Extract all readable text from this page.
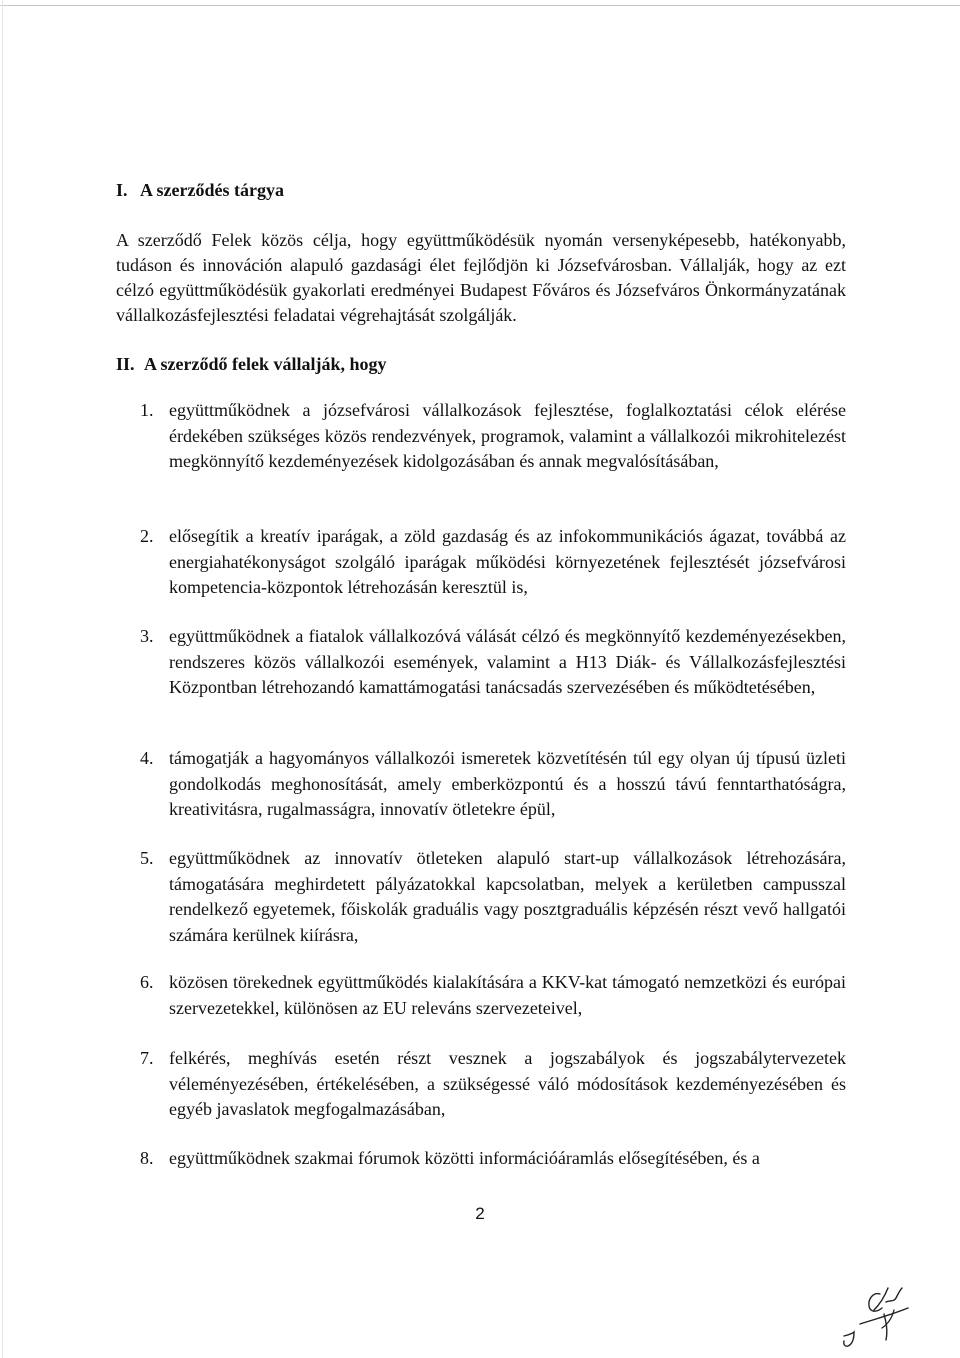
I. A szerződés tárgya
A szerződő Felek közös célja, hogy együttműködésük nyomán versenyképesebb, hatékonyabb, tudáson és innováción alapuló gazdasági élet fejlődjön ki Józsefvárosban. Vállalják, hogy az ezt célzó együttműködésük gyakorlati eredményei Budapest Főváros és Józsefváros Önkormányzatának vállalkozásfejlesztési feladatai végrehajtását szolgálják.
II. A szerződő felek vállalják, hogy
1. együttműködnek a józsefvárosi vállalkozások fejlesztése, foglalkoztatási célok elérése érdekében szükséges közös rendezvények, programok, valamint a vállalkozói mikrohitelezést megkönnyítő kezdeményezések kidolgozásában és annak megvalósításában,
2. elősegítik a kreatív iparágak, a zöld gazdaság és az infokommunikációs ágazat, továbbá az energiahatékonyságot szolgáló iparágak működési környezetének fejlesztését józsefvárosi kompetencia-központok létrehozásán keresztül is,
3. együttműködnek a fiatalok vállalkozóvá válását célzó és megkönnyítő kezdeményezésekben, rendszeres közös vállalkozói események, valamint a H13 Diák- és Vállalkozásfejlesztési Központban létrehozandó kamattámogatási tanácsadás szervezésében és működtetésében,
4. támogatják a hagyományos vállalkozói ismeretek közvetítésén túl egy olyan új típusú üzleti gondolkodás meghonosítását, amely emberközpontú és a hosszú távú fenntarthatóságra, kreativitásra, rugalmasságra, innovatív ötletekre épül,
5. együttműködnek az innovatív ötleteken alapuló start-up vállalkozások létrehozására, támogatására meghirdetett pályázatokkal kapcsolatban, melyek a kerületben campusszal rendelkező egyetemek, főiskolák graduális vagy posztgraduális képzésén részt vevő hallgatói számára kerülnek kiírásra,
6. közösen törekednek együttműködés kialakítására a KKV-kat támogató nemzetközi és európai szervezetekkel, különösen az EU releváns szervezeteivel,
7. felkérés, meghívás esetén részt vesznek a jogszabályok és jogszabálytervezetek véleményezésében, értékelésében, a szükségessé váló módosítások kezdeményezésében és egyéb javaslatok megfogalmazásában,
8. együttműködnek szakmai fórumok közötti információáramlás elősegítésében, és a
2
